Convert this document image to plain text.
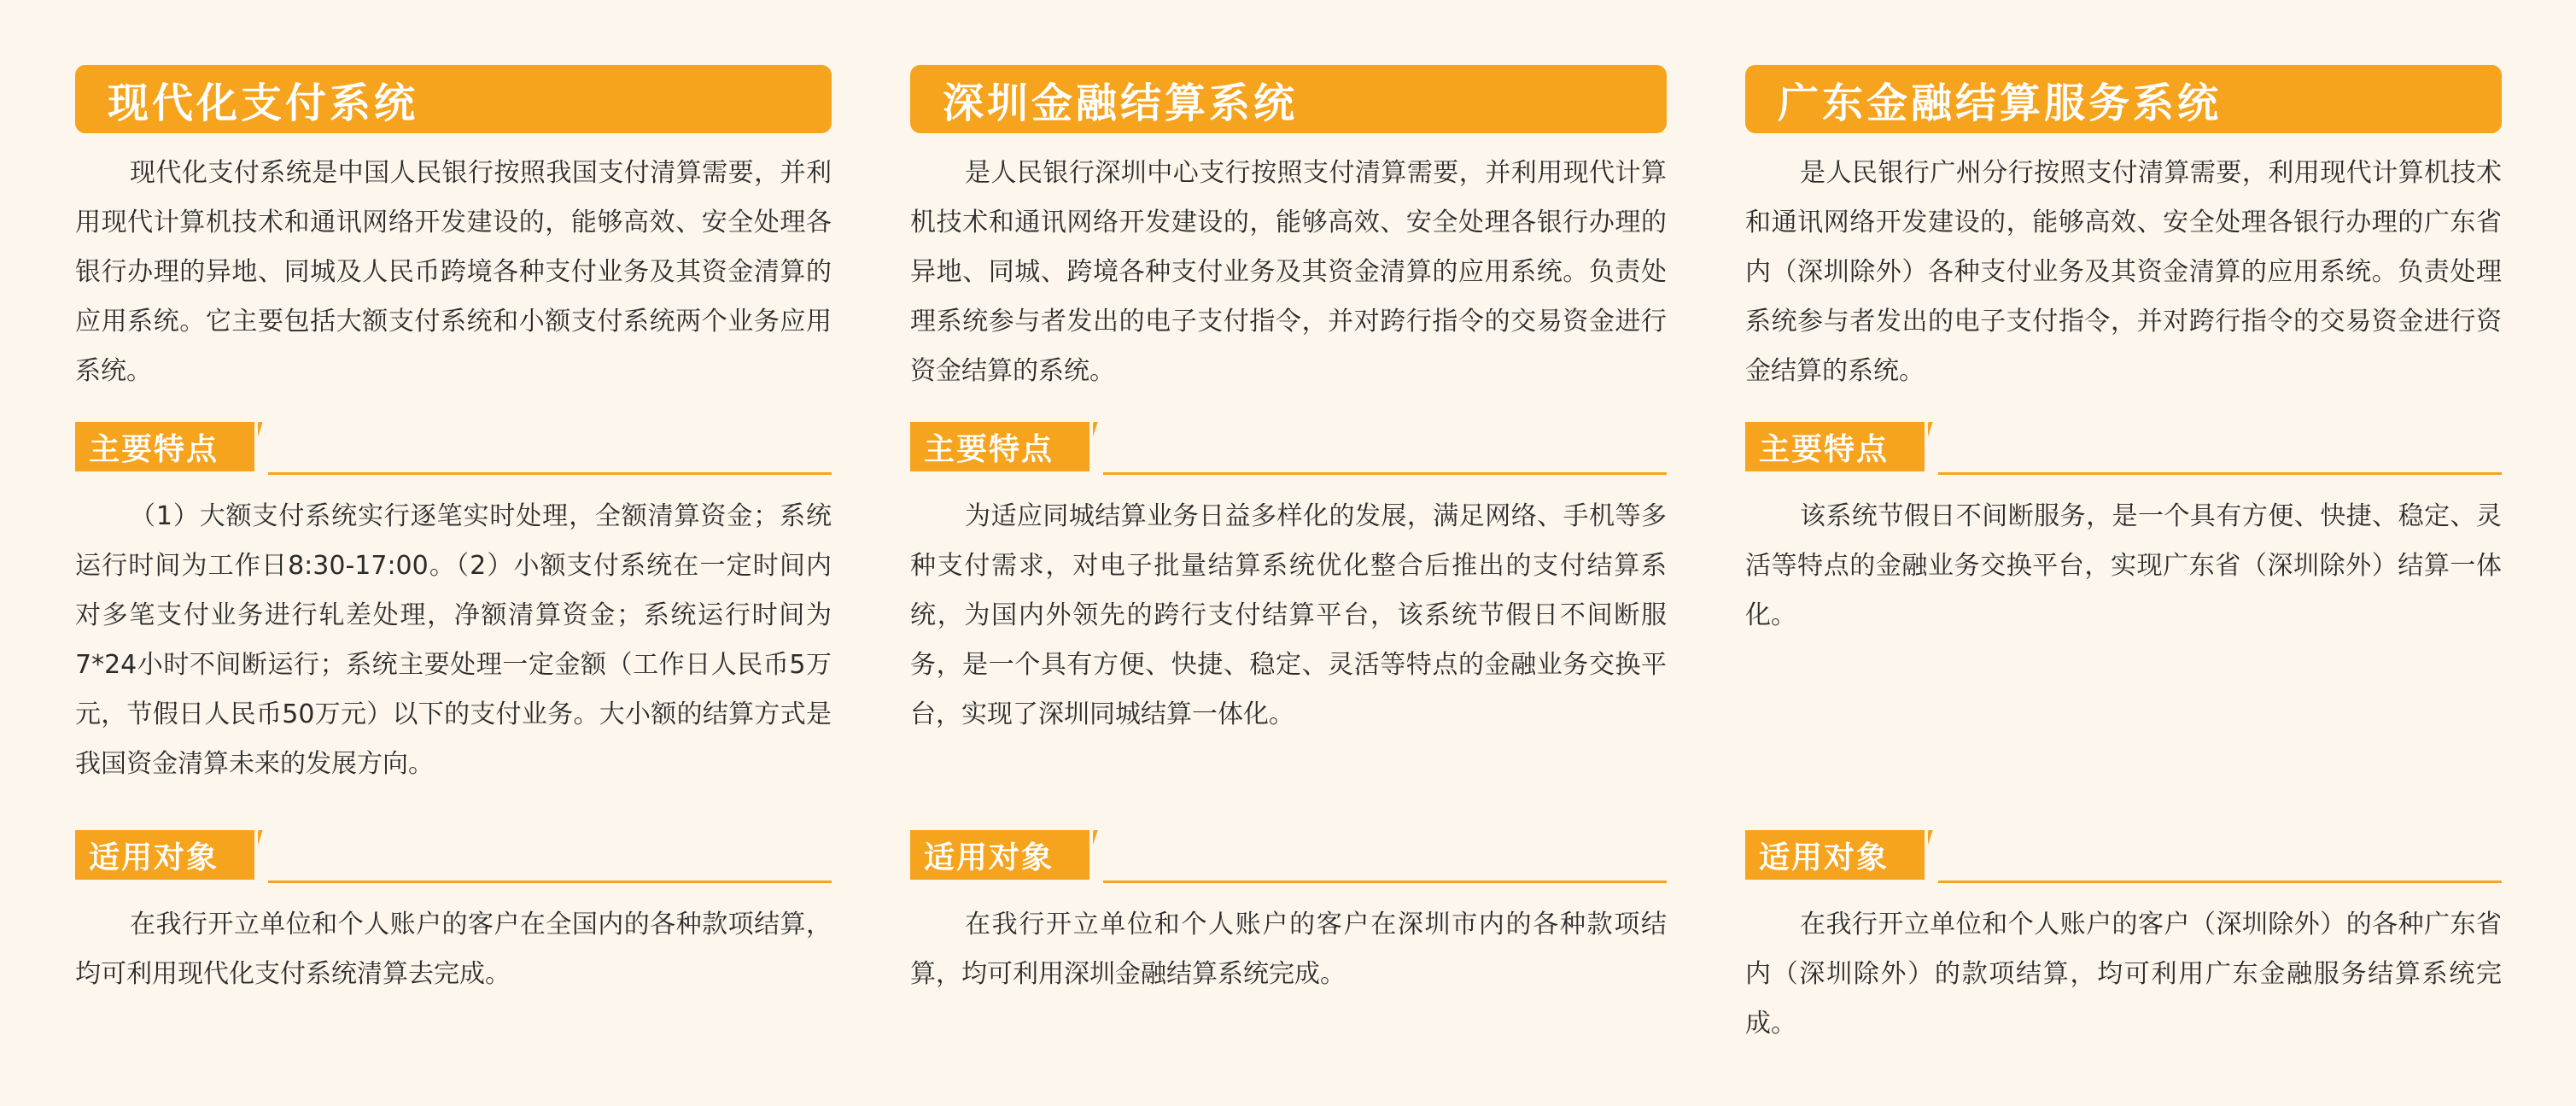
现代化支付系统

现代化支付系统是中国人民银行按照我国支付清算需要，并利用现代计算机技术和通讯网络开发建设的，能够高效、安全处理各银行办理的异地、同城及人民币跨境各种支付业务及其资金清算的应用系统。它主要包括大额支付系统和小额支付系统两个业务应用系统。

主要特点

（1）大额支付系统实行逐笔实时处理，全额清算资金；系统运行时间为工作日8:30-17:00。（2）小额支付系统在一定时间内对多笔支付业务进行轧差处理，净额清算资金；系统运行时间为7*24小时不间断运行；系统主要处理一定金额（工作日人民币5万元，节假日人民币50万元）以下的支付业务。大小额的结算方式是我国资金清算未来的发展方向。

适用对象

在我行开立单位和个人账户的客户在全国内的各种款项结算，均可利用现代化支付系统清算去完成。

深圳金融结算系统

是人民银行深圳中心支行按照支付清算需要，并利用现代计算机技术和通讯网络开发建设的，能够高效、安全处理各银行办理的异地、同城、跨境各种支付业务及其资金清算的应用系统。负责处理系统参与者发出的电子支付指令，并对跨行指令的交易资金进行资金结算的系统。

主要特点

为适应同城结算业务日益多样化的发展，满足网络、手机等多种支付需求，对电子批量结算系统优化整合后推出的支付结算系统，为国内外领先的跨行支付结算平台，该系统节假日不间断服务，是一个具有方便、快捷、稳定、灵活等特点的金融业务交换平台，实现了深圳同城结算一体化。

适用对象

在我行开立单位和个人账户的客户在深圳市内的各种款项结算，均可利用深圳金融结算系统完成。

广东金融结算服务系统

是人民银行广州分行按照支付清算需要，利用现代计算机技术和通讯网络开发建设的，能够高效、安全处理各银行办理的广东省内（深圳除外）各种支付业务及其资金清算的应用系统。负责处理系统参与者发出的电子支付指令，并对跨行指令的交易资金进行资金结算的系统。

主要特点

该系统节假日不间断服务，是一个具有方便、快捷、稳定、灵活等特点的金融业务交换平台，实现广东省（深圳除外）结算一体化。

适用对象

在我行开立单位和个人账户的客户（深圳除外）的各种广东省内（深圳除外）的款项结算，均可利用广东金融服务结算系统完成。
